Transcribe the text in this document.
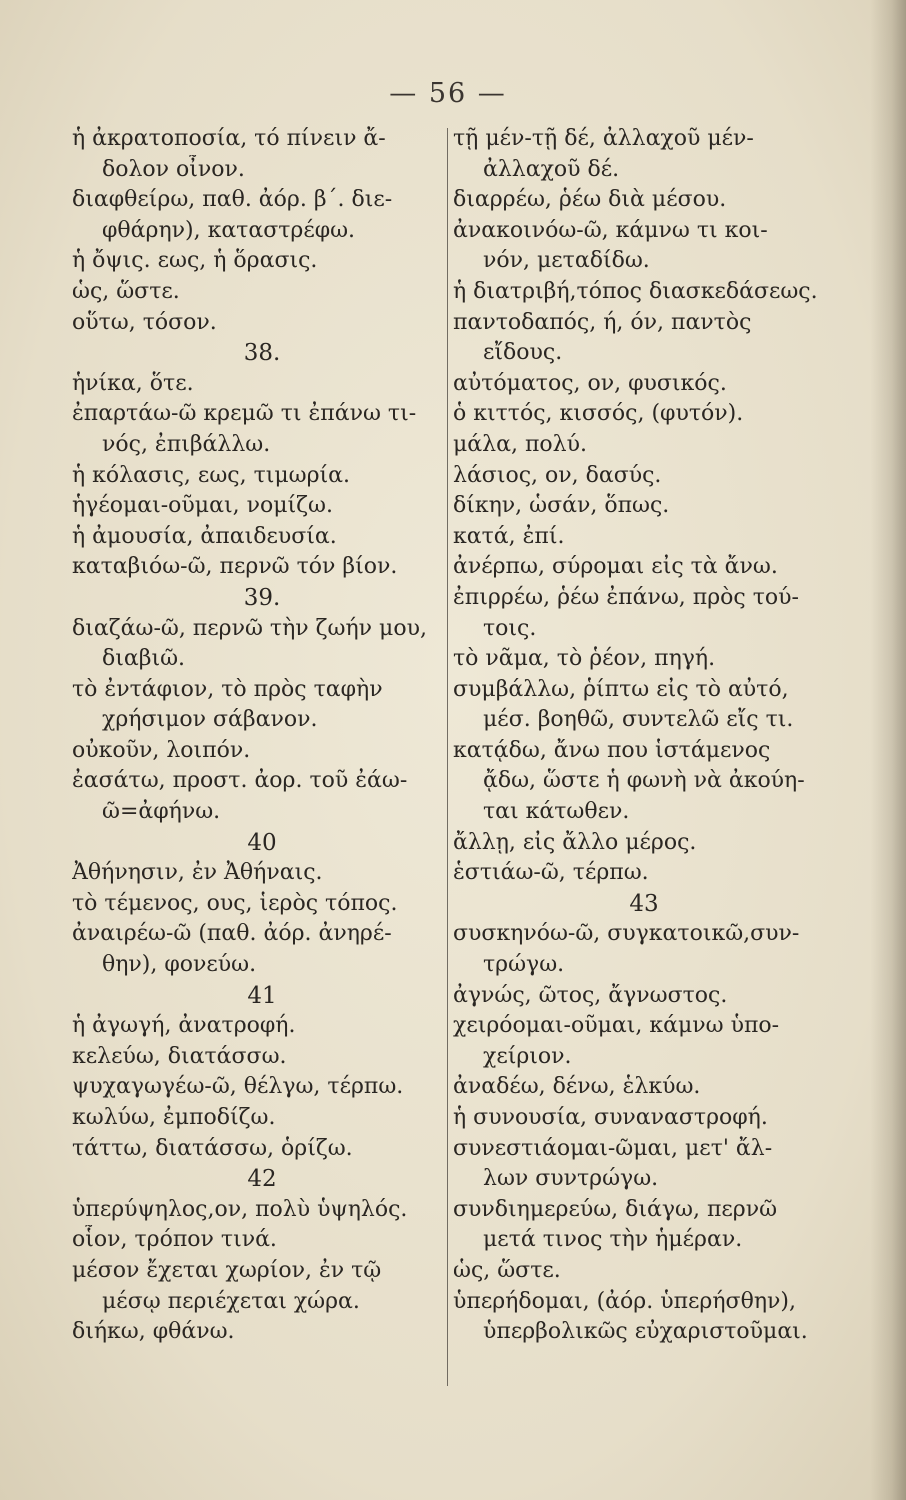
— 56 —
ἡ ἀκρατοποσία, τό πίνειν ἄ-
δολον οἶνον.
διαφθείρω, παθ. ἀόρ. β΄. διε-
φθάρην), καταστρέφω.
ἡ ὄψις. εως, ἡ ὅρασις.
ὡς, ὥστε.
οὕτω, τόσον.
38.
ἡνίκα, ὅτε.
ἐπαρτάω-ῶ κρεμῶ τι ἐπάνω τι-
νός, ἐπιβάλλω.
ἡ κόλασις, εως, τιμωρία.
ἡγέομαι-οῦμαι, νομίζω.
ἡ ἀμουσία, ἀπαιδευσία.
καταβιόω-ῶ, περνῶ τόν βίον.
39.
διαζάω-ῶ, περνῶ τὴν ζωήν μου,
διαβιῶ.
τὸ ἐντάφιον, τὸ πρὸς ταφὴν
χρήσιμον σάβανον.
οὐκοῦν, λοιπόν.
ἐασάτω, προστ. ἀορ. τοῦ ἐάω-
ῶ=ἀφήνω.
40
Ἀθήνησιν, ἐν Ἀθήναις.
τὸ τέμενος, ους, ἱερὸς τόπος.
ἀναιρέω-ῶ (παθ. ἀόρ. ἀνηρέ-
θην), φονεύω.
41
ἡ ἀγωγή, ἀνατροφή.
κελεύω, διατάσσω.
ψυχαγωγέω-ῶ, θέλγω, τέρπω.
κωλύω, ἐμποδίζω.
τάττω, διατάσσω, ὁρίζω.
42
ὑπερύψηλος,ον, πολὺ ὑψηλός.
οἷον, τρόπον τινά.
μέσον ἔχεται χωρίον, ἐν τῷ
μέσῳ περιέχεται χώρα.
διήκω, φθάνω.
τῇ μέν-τῇ δέ, ἀλλαχοῦ μέν-
ἀλλαχοῦ δέ.
διαρρέω, ῥέω διὰ μέσου.
ἀνακοινόω-ῶ, κάμνω τι κοι-
νόν, μεταδίδω.
ἡ διατριβή,τόπος διασκεδάσεως.
παντοδαπός, ή, όν, παντὸς
εἴδους.
αὐτόματος, ον, φυσικός.
ὁ κιττός, κισσός, (φυτόν).
μάλα, πολύ.
λάσιος, ον, δασύς.
δίκην, ὡσάν, ὅπως.
κατά, ἐπί.
ἀνέρπω, σύρομαι εἰς τὰ ἄνω.
ἐπιρρέω, ῥέω ἐπάνω, πρὸς τού-
τοις.
τὸ νᾶμα, τὸ ῥέον, πηγή.
συμβάλλω, ῥίπτω εἰς τὸ αὐτό,
μέσ. βοηθῶ, συντελῶ εἴς τι.
κατᾴδω, ἄνω που ἱστάμενος
ᾄδω, ὥστε ἡ φωνὴ νὰ ἀκούη-
ται κάτωθεν.
ἄλλῃ, εἰς ἄλλο μέρος.
ἑστιάω-ῶ, τέρπω.
43
συσκηνόω-ῶ, συγκατοικῶ,συν-
τρώγω.
ἀγνώς, ῶτος, ἄγνωστος.
χειρόομαι-οῦμαι, κάμνω ὑπο-
χείριον.
ἀναδέω, δένω, ἑλκύω.
ἡ συνουσία, συναναστροφή.
συνεστιάομαι-ῶμαι, μετ' ἄλ-
λων συντρώγω.
συνδιημερεύω, διάγω, περνῶ
μετά τινος τὴν ἡμέραν.
ὡς, ὥστε.
ὑπερήδομαι, (ἀόρ. ὑπερήσθην),
ὑπερβολικῶς εὐχαριστοῦμαι.
